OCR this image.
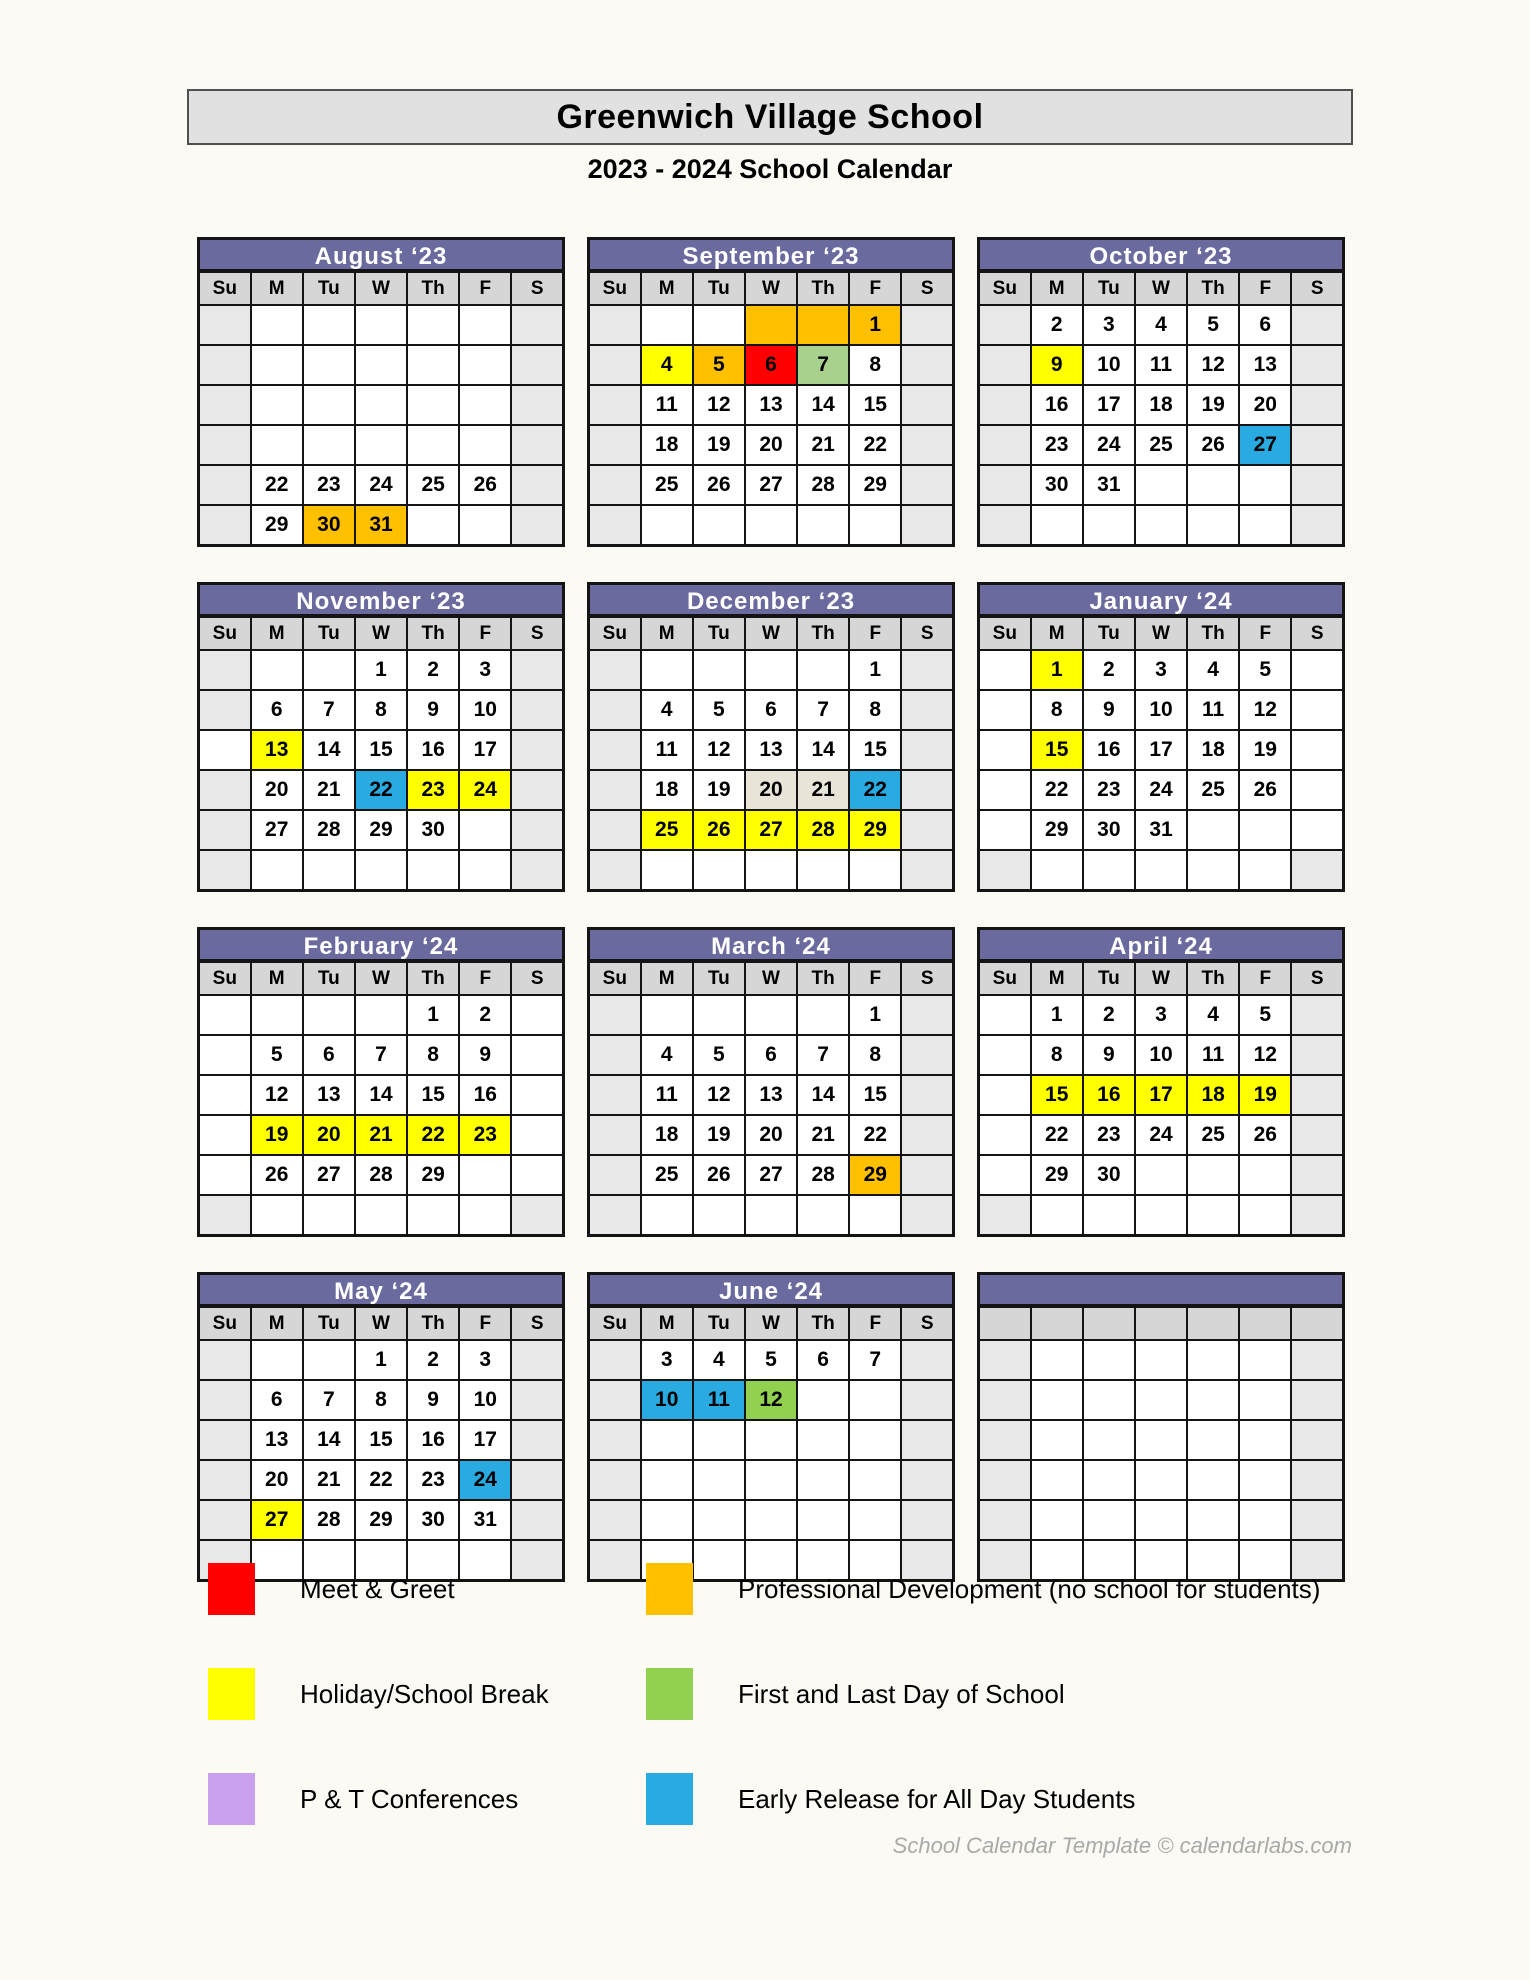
Greenwich Village School
2023 - 2024 School Calendar
August ‘23
Su	M	Tu	W	Th	F	S

	22	23	24	25	26	
	29	30	31			
September ‘23
Su	M	Tu	W	Th	F	S
					1	
	4	5	6	7	8	
	11	12	13	14	15	
	18	19	20	21	22	
	25	26	27	28	29	

October ‘23
Su	M	Tu	W	Th	F	S
	2	3	4	5	6	
	9	10	11	12	13	
	16	17	18	19	20	
	23	24	25	26	27	
	30	31				

November ‘23
Su	M	Tu	W	Th	F	S
			1	2	3	
	6	7	8	9	10	
	13	14	15	16	17	
	20	21	22	23	24	
	27	28	29	30		

December ‘23
Su	M	Tu	W	Th	F	S
					1	
	4	5	6	7	8	
	11	12	13	14	15	
	18	19	20	21	22	
	25	26	27	28	29	

January ‘24
Su	M	Tu	W	Th	F	S
	1	2	3	4	5	
	8	9	10	11	12	
	15	16	17	18	19	
	22	23	24	25	26	
	29	30	31			

February ‘24
Su	M	Tu	W	Th	F	S
				1	2	
	5	6	7	8	9	
	12	13	14	15	16	
	19	20	21	22	23	
	26	27	28	29		

March ‘24
Su	M	Tu	W	Th	F	S
					1	
	4	5	6	7	8	
	11	12	13	14	15	
	18	19	20	21	22	
	25	26	27	28	29	

April ‘24
Su	M	Tu	W	Th	F	S
	1	2	3	4	5	
	8	9	10	11	12	
	15	16	17	18	19	
	22	23	24	25	26	
	29	30				

May ‘24
Su	M	Tu	W	Th	F	S
			1	2	3	
	6	7	8	9	10	
	13	14	15	16	17	
	20	21	22	23	24	
	27	28	29	30	31	

June ‘24
Su	M	Tu	W	Th	F	S
	3	4	5	6	7	
	10	11	12			

Meet & Greet	Professional Development (no school for students)
Holiday/School Break	First and Last Day of School
P & T Conferences	Early Release for All Day Students
School Calendar Template © calendarlabs.com
